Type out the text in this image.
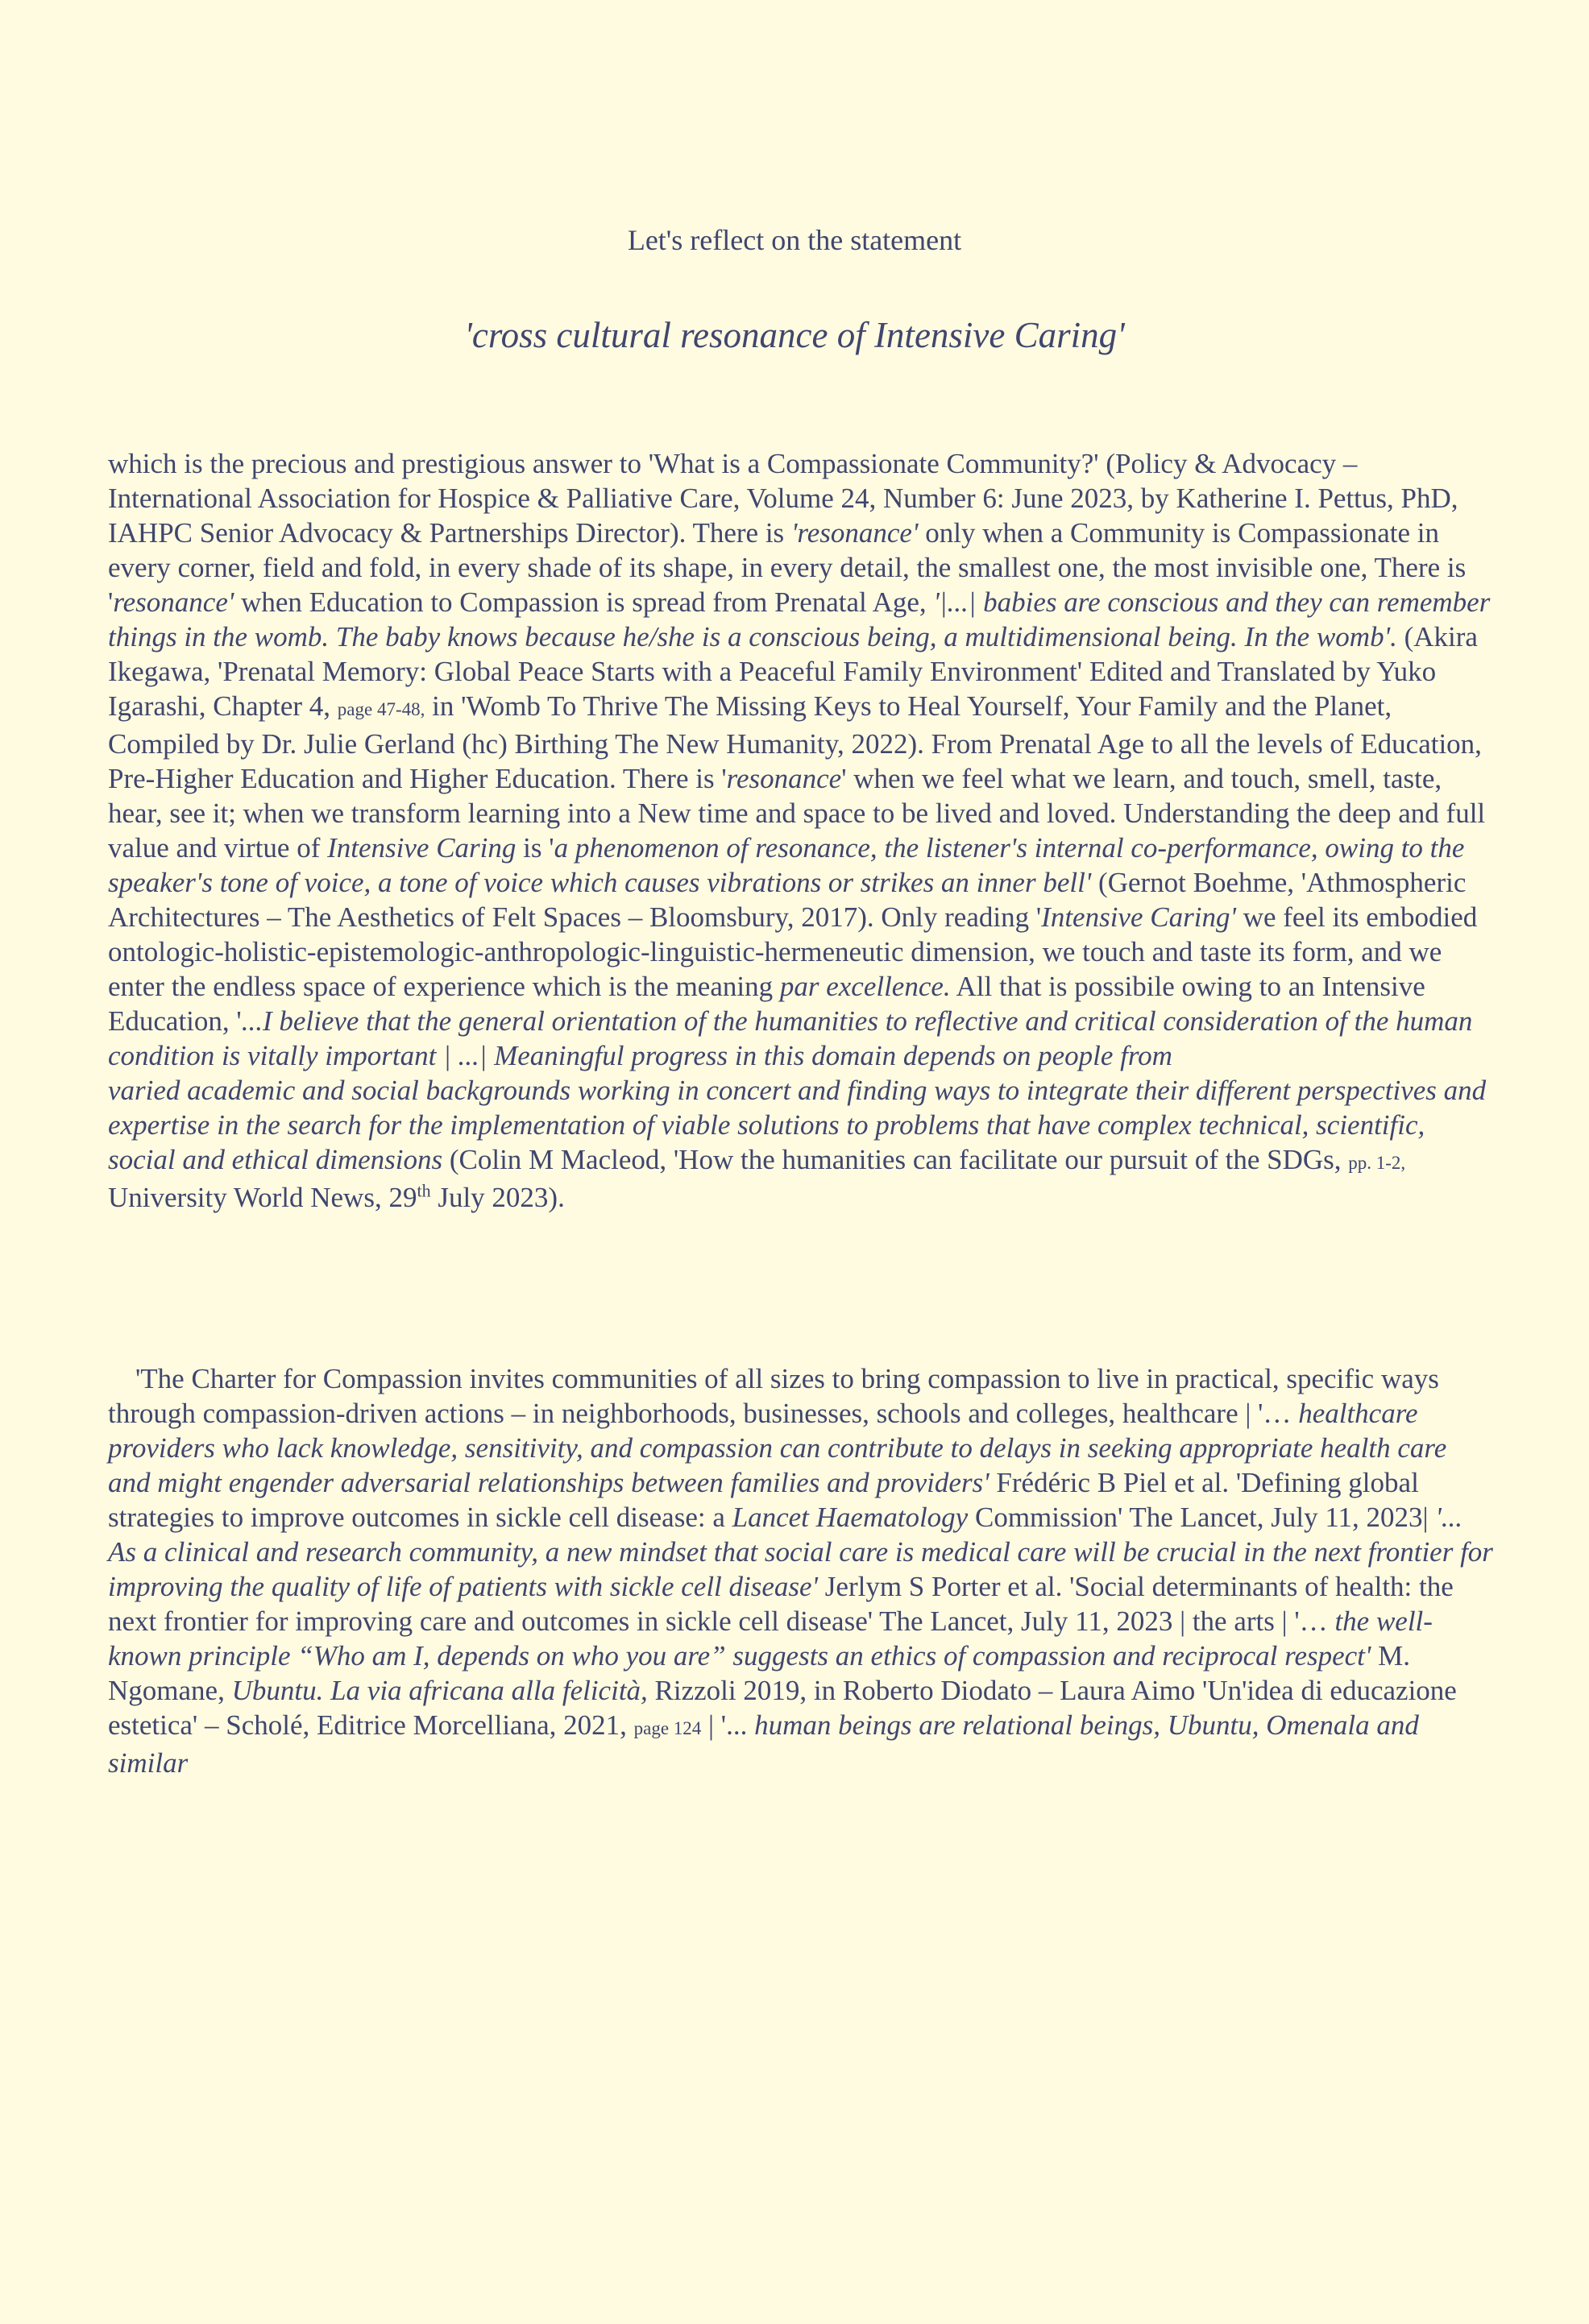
Let's reflect on the statement
'cross cultural resonance of Intensive Caring'

which is the precious and prestigious answer to 'What is a Compassionate Community?' (Policy & Advocacy – International Association for Hospice & Palliative Care, Volume 24, Number 6: June 2023, by Katherine I. Pettus, PhD, IAHPC Senior Advocacy & Partnerships Director). There is 'resonance' only when a Community is Compassionate in every corner, field and fold, in every shade of its shape, in every detail, the smallest one, the most invisible one, There is 'resonance' when Education to Compassion is spread from Prenatal Age, '|...| babies are conscious and they can remember things in the womb. The baby knows because he/she is a conscious being, a multidimensional being. In the womb'. (Akira Ikegawa, 'Prenatal Memory: Global Peace Starts with a Peaceful Family Environment' Edited and Translated by Yuko Igarashi, Chapter 4, page 47-48, in 'Womb To Thrive The Missing Keys to Heal Yourself, Your Family and the Planet, Compiled by Dr. Julie Gerland (hc) Birthing The New Humanity, 2022). From Prenatal Age to all the levels of Education, Pre-Higher Education and Higher Education. There is 'resonance' when we feel what we learn, and touch, smell, taste, hear, see it; when we transform learning into a New time and space to be lived and loved. Understanding the deep and full value and virtue of Intensive Caring is 'a phenomenon of resonance, the listener's internal co-performance, owing to the speaker's tone of voice, a tone of voice which causes vibrations or strikes an inner bell' (Gernot Boehme, 'Athmospheric Architectures – The Aesthetics of Felt Spaces – Bloomsbury, 2017). Only reading 'Intensive Caring' we feel its embodied ontologic-holistic-epistemologic-anthropologic-linguistic-hermeneutic dimension, we touch and taste its form, and we enter the endless space of experience which is the meaning par excellence. All that is possibile owing to an Intensive Education, '...I believe that the general orientation of the humanities to reflective and critical consideration of the human condition is vitally important | ...| Meaningful progress in this domain depends on people from

varied academic and social backgrounds working in concert and finding ways to integrate their different perspectives and expertise in the search for the implementation of viable solutions to problems that have complex technical, scientific, social and ethical dimensions (Colin M Macleod, 'How the humanities can facilitate our pursuit of the SDGs, pp. 1-2, University World News, 29th July 2023).

'The Charter for Compassion invites communities of all sizes to bring compassion to live in practical, specific ways through compassion-driven actions – in neighborhoods, businesses, schools and colleges, healthcare | '… healthcare providers who lack knowledge, sensitivity, and compassion can contribute to delays in seeking appropriate health care and might engender adversarial relationships between families and providers' Frédéric B Piel et al. 'Defining global strategies to improve outcomes in sickle cell disease: a Lancet Haematology Commission' The Lancet, July 11, 2023| '... As a clinical and research community, a new mindset that social care is medical care will be crucial in the next frontier for improving the quality of life of patients with sickle cell disease' Jerlym S Porter et al. 'Social determinants of health: the next frontier for improving care and outcomes in sickle cell disease' The Lancet, July 11, 2023 | the arts | '… the well-known principle “Who am I, depends on who you are” suggests an ethics of compassion and reciprocal respect' M. Ngomane, Ubuntu. La via africana alla felicità, Rizzoli 2019, in Roberto Diodato – Laura Aimo 'Un'idea di educazione estetica' – Scholé, Editrice Morcelliana, 2021, page 124 | '... human beings are relational beings, Ubuntu, Omenala and similar
